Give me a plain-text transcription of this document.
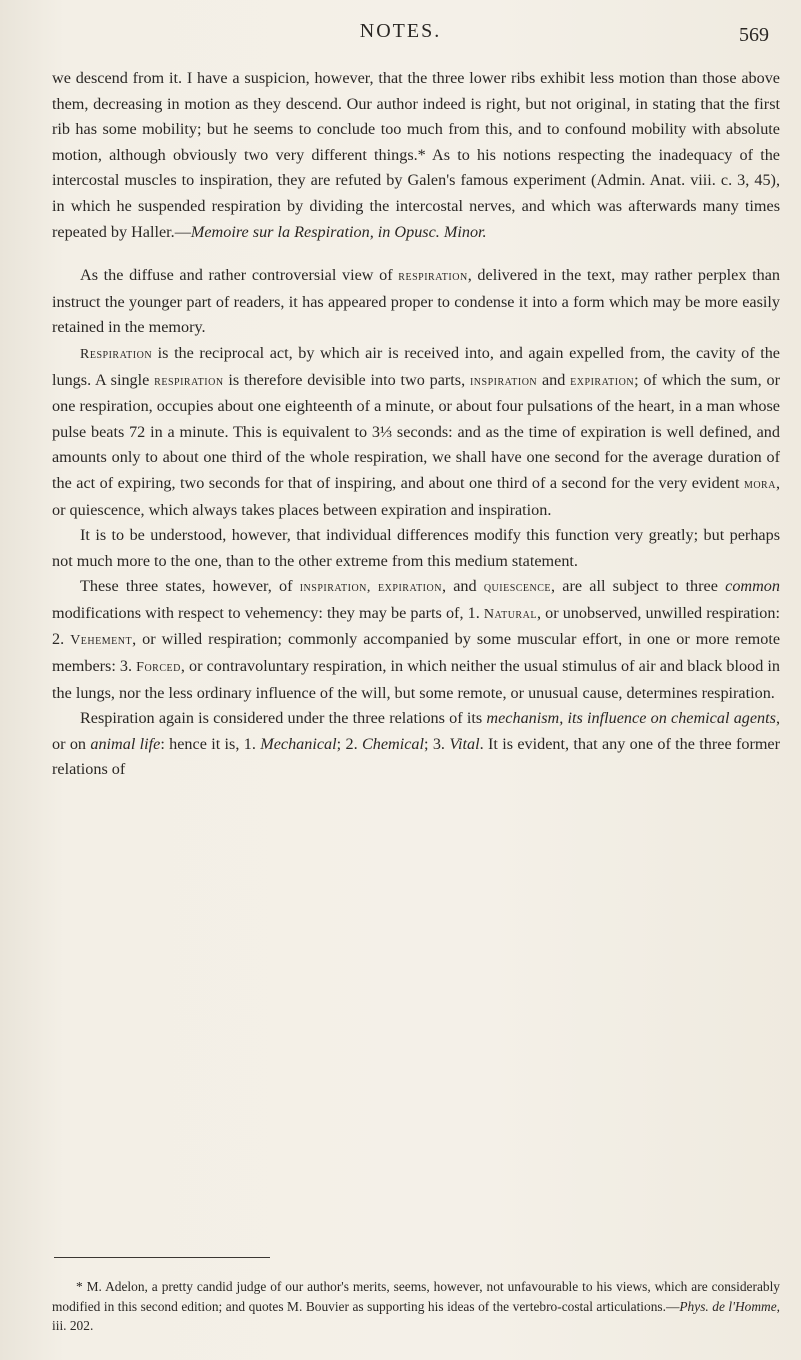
NOTES.	569

we descend from it. I have a suspicion, however, that the three lower ribs exhibit less motion than those above them, decreasing in motion as they descend. Our author indeed is right, but not original, in stating that the first rib has some mobility; but he seems to conclude too much from this, and to confound mobility with absolute motion, although obviously two very different things.* As to his notions respecting the inadequacy of the intercostal muscles to inspiration, they are refuted by Galen's famous experiment (Admin. Anat. viii. c. 3, 45), in which he suspended respiration by dividing the intercostal nerves, and which was afterwards many times repeated by Haller.—Memoire sur la Respiration, in Opusc. Minor.

As the diffuse and rather controversial view of respiration, delivered in the text, may rather perplex than instruct the younger part of readers, it has appeared proper to condense it into a form which may be more easily retained in the memory.

Respiration is the reciprocal act, by which air is received into, and again expelled from, the cavity of the lungs. A single respiration is therefore devisible into two parts, inspiration and expiration; of which the sum, or one respiration, occupies about one eighteenth of a minute, or about four pulsations of the heart, in a man whose pulse beats 72 in a minute. This is equivalent to 3⅓ seconds: and as the time of expiration is well defined, and amounts only to about one third of the whole respiration, we shall have one second for the average duration of the act of expiring, two seconds for that of inspiring, and about one third of a second for the very evident mora, or quiescence, which always takes places between expiration and inspiration.

It is to be understood, however, that individual differences modify this function very greatly; but perhaps not much more to the one, than to the other extreme from this medium statement.

These three states, however, of inspiration, expiration, and quiescence, are all subject to three common modifications with respect to vehemency: they may be parts of, 1. Natural, or unobserved, unwilled respiration: 2. Vehement, or willed respiration; commonly accompanied by some muscular effort, in one or more remote members: 3. Forced, or contravoluntary respiration, in which neither the usual stimulus of air and black blood in the lungs, nor the less ordinary influence of the will, but some remote, or unusual cause, determines respiration.

Respiration again is considered under the three relations of its mechanism, its influence on chemical agents, or on animal life: hence it is, 1. Mechanical; 2. Chemical; 3. Vital. It is evident, that any one of the three former relations of

* M. Adelon, a pretty candid judge of our author's merits, seems, however, not unfavourable to his views, which are considerably modified in this second edition; and quotes M. Bouvier as supporting his ideas of the vertebro-costal articulations.—Phys. de l'Homme, iii. 202.
